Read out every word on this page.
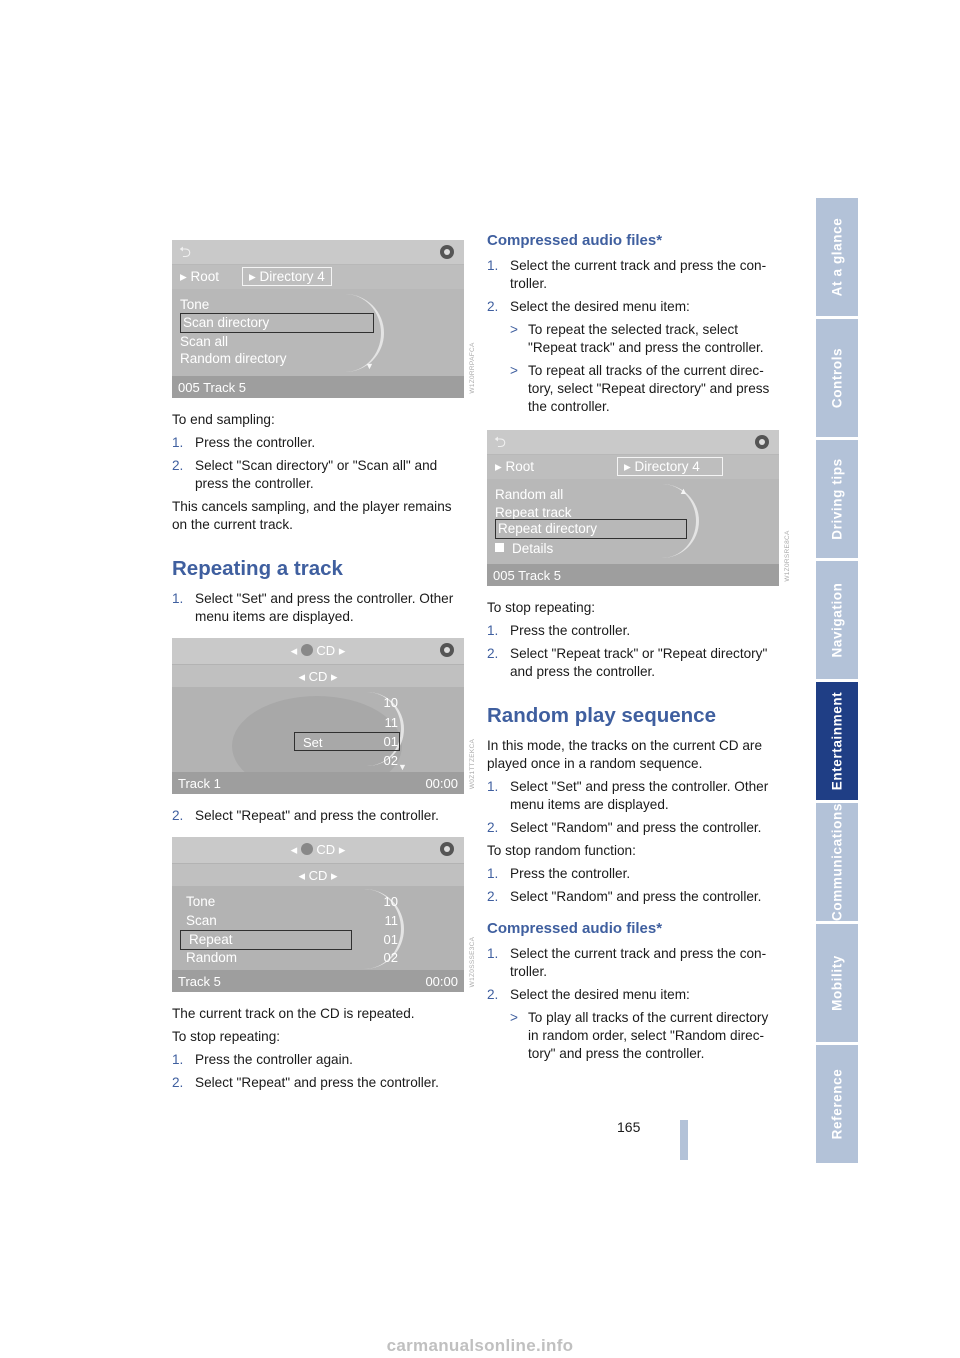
At a glance
Controls
Driving tips
Navigation
Entertainment
Communications
Mobility
Reference
⮌
▸ Root	▸ Directory 4
Tone
Scan directory
Scan all
Random directory	▼
005 Track 5	W1Z0RRPAFCA

To end sampling:

1. Press the controller.
2. Select "Scan directory" or "Scan all" and press the controller.

This cancels sampling, and the player remains on the current track.

Repeating a track
1. Select "Set" and press the controller. Other menu items are displayed.
◂  CD ▸
◂ CD ▸
10
11
Set	01
02 ▼
Track 1	00:00	W0Z1TTZEKCA
2. Select "Repeat" and press the controller.
◂  CD ▸
◂ CD ▸
Tone
Scan
Repeat
Random
10
11
01
02
Track 5	00:00	W1Z0SSSE3CA

The current track on the CD is repeated.

To stop repeating:

1. Press the controller again.
2. Select "Repeat" and press the controller.
Compressed audio files*
1. Select the current track and press the controller.
2. Select the desired menu item:
> To repeat the selected track, select "Repeat track" and press the controller.
> To repeat all tracks of the current directory, select "Repeat directory" and press the controller.
⮌
▸ Root	▸ Directory 4
Random all	▲
Repeat track
Repeat directory
Details
005 Track 5	W1Z0RSRE8CA

To stop repeating:

1. Press the controller.
2. Select "Repeat track" or "Repeat directory" and press the controller.
Random play sequence

In this mode, the tracks on the current CD are played once in a random sequence.

1. Select "Set" and press the controller. Other menu items are displayed.
2. Select "Random" and press the controller.

To stop random function:

1. Press the controller.
2. Select "Random" and press the controller.
Compressed audio files*
1. Select the current track and press the controller.
2. Select the desired menu item:
> To play all tracks of the current directory in random order, select "Random directory" and press the controller.
165
carmanualsonline.info
